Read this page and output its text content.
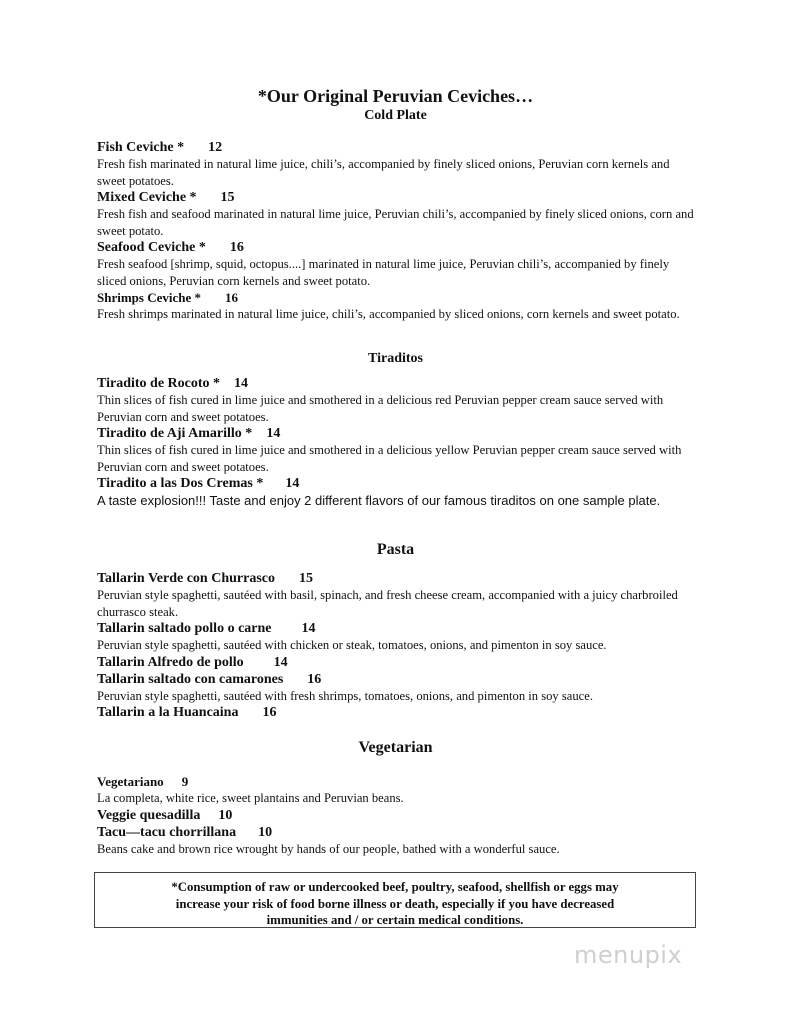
*Our Original Peruvian Ceviches…
Cold Plate
Fish Ceviche * 12
Fresh fish marinated in natural lime juice, chili’s, accompanied by finely sliced onions, Peruvian corn kernels and sweet potatoes.
Mixed Ceviche * 15
Fresh fish and seafood marinated in natural lime juice, Peruvian chili’s, accompanied by finely sliced onions, corn and sweet potato.
Seafood Ceviche * 16
Fresh seafood [shrimp, squid, octopus....] marinated in natural lime juice, Peruvian chili’s, accompanied by finely sliced onions, Peruvian corn kernels and sweet potato.
Shrimps Ceviche * 16
Fresh shrimps marinated in natural lime juice, chili’s, accompanied by sliced onions, corn kernels and sweet potato.
Tiraditos
Tiradito de Rocoto * 14
Thin slices of fish cured in lime juice and smothered in a delicious red Peruvian pepper cream sauce served with Peruvian corn and sweet potatoes.
Tiradito de Aji Amarillo * 14
Thin slices of fish cured in lime juice and smothered in a delicious yellow Peruvian pepper cream sauce served with Peruvian corn and sweet potatoes.
Tiradito a las Dos Cremas * 14
A taste explosion!!! Taste and enjoy 2 different flavors of our famous tiraditos on one sample plate.
Pasta
Tallarin Verde con Churrasco 15
Peruvian style spaghetti, sautéed with basil, spinach, and fresh cheese cream, accompanied with a juicy charbroiled churrasco steak.
Tallarin saltado pollo o carne 14
Peruvian style spaghetti, sautéed with chicken or steak, tomatoes, onions, and pimenton in soy sauce.
Tallarin Alfredo de pollo 14
Tallarin saltado con camarones 16
Peruvian style spaghetti, sautéed with fresh shrimps, tomatoes, onions, and pimenton in soy sauce.
Tallarin a la Huancaina 16
Vegetarian
Vegetariano 9
La completa, white rice, sweet plantains and Peruvian beans.
Veggie quesadilla 10
Tacu—tacu chorrillana 10
Beans cake and brown rice wrought by hands of our people, bathed with a wonderful sauce.
*Consumption of raw or undercooked beef, poultry, seafood, shellfish or eggs may
increase your risk of food borne illness or death, especially if you have decreased
immunities and / or certain medical conditions.
menupix
